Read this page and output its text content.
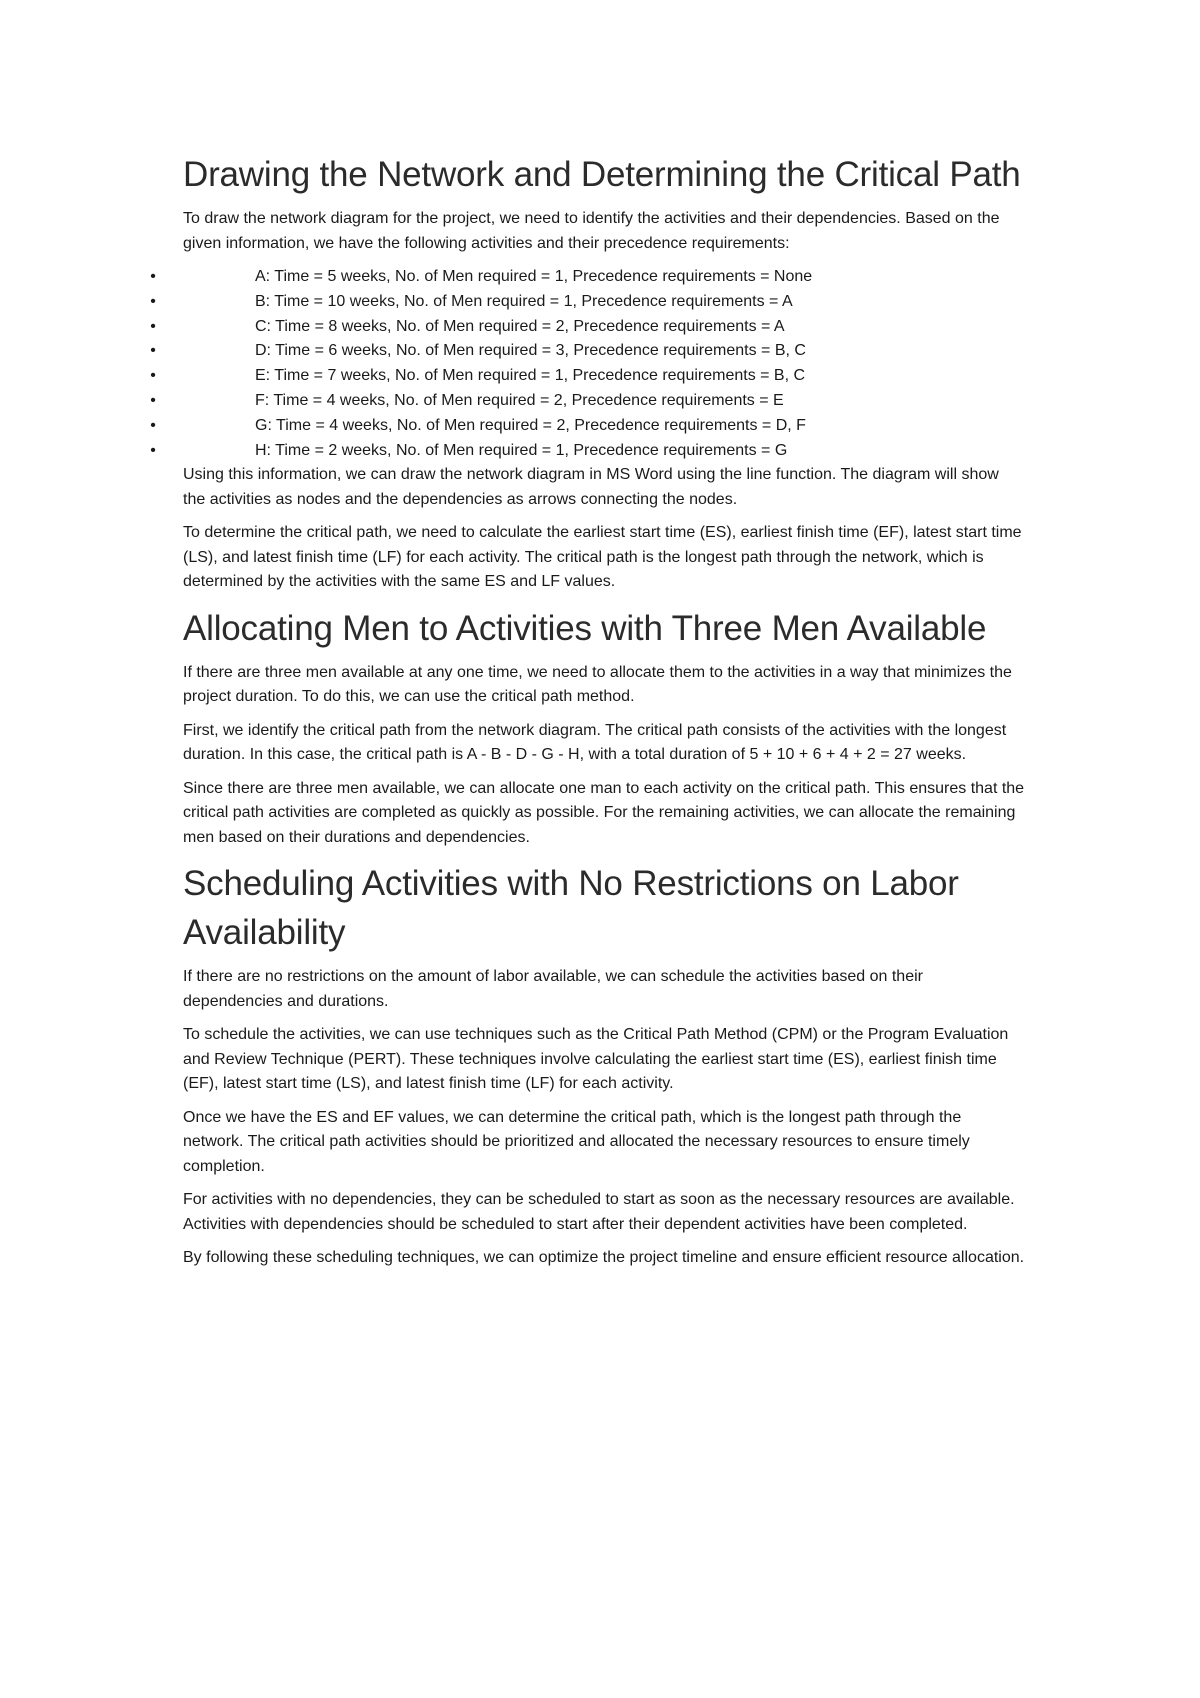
Drawing the Network and Determining the Critical Path

To draw the network diagram for the project, we need to identify the activities and their dependencies. Based on the given information, we have the following activities and their precedence requirements:

•	A: Time = 5 weeks, No. of Men required = 1, Precedence requirements = None
•	B: Time = 10 weeks, No. of Men required = 1, Precedence requirements = A
•	C: Time = 8 weeks, No. of Men required = 2, Precedence requirements = A
•	D: Time = 6 weeks, No. of Men required = 3, Precedence requirements = B, C
•	E: Time = 7 weeks, No. of Men required = 1, Precedence requirements = B, C
•	F: Time = 4 weeks, No. of Men required = 2, Precedence requirements = E
•	G: Time = 4 weeks, No. of Men required = 2, Precedence requirements = D, F
•	H: Time = 2 weeks, No. of Men required = 1, Precedence requirements = G

Using this information, we can draw the network diagram in MS Word using the line function. The diagram will show the activities as nodes and the dependencies as arrows connecting the nodes.

To determine the critical path, we need to calculate the earliest start time (ES), earliest finish time (EF), latest start time (LS), and latest finish time (LF) for each activity. The critical path is the longest path through the network, which is determined by the activities with the same ES and LF values.

Allocating Men to Activities with Three Men Available

If there are three men available at any one time, we need to allocate them to the activities in a way that minimizes the project duration. To do this, we can use the critical path method.

First, we identify the critical path from the network diagram. The critical path consists of the activities with the longest duration. In this case, the critical path is A - B - D - G - H, with a total duration of 5 + 10 + 6 + 4 + 2 = 27 weeks.

Since there are three men available, we can allocate one man to each activity on the critical path. This ensures that the critical path activities are completed as quickly as possible. For the remaining activities, we can allocate the remaining men based on their durations and dependencies.

Scheduling Activities with No Restrictions on Labor Availability

If there are no restrictions on the amount of labor available, we can schedule the activities based on their dependencies and durations.

To schedule the activities, we can use techniques such as the Critical Path Method (CPM) or the Program Evaluation and Review Technique (PERT). These techniques involve calculating the earliest start time (ES), earliest finish time (EF), latest start time (LS), and latest finish time (LF) for each activity.

Once we have the ES and EF values, we can determine the critical path, which is the longest path through the network. The critical path activities should be prioritized and allocated the necessary resources to ensure timely completion.

For activities with no dependencies, they can be scheduled to start as soon as the necessary resources are available. Activities with dependencies should be scheduled to start after their dependent activities have been completed.

By following these scheduling techniques, we can optimize the project timeline and ensure efficient resource allocation.
